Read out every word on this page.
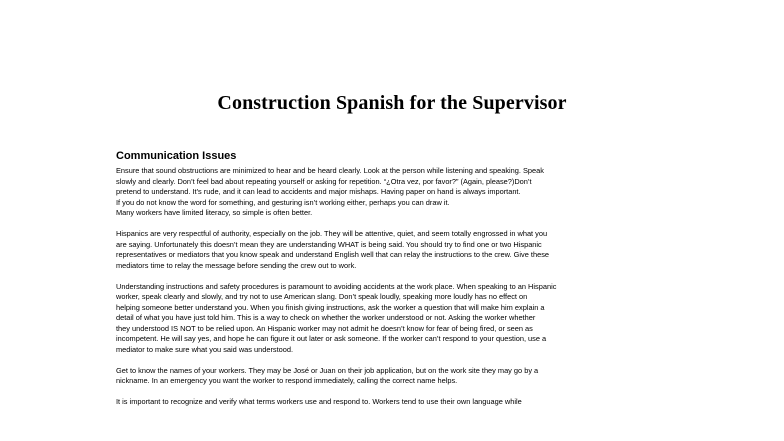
Construction Spanish for the Supervisor
Communication Issues
Ensure that sound obstructions are minimized to hear and be heard clearly. Look at the person while listening and speaking. Speak
slowly and clearly. Don’t feel bad about repeating yourself or asking for repetition. “¿Otra vez, por favor?” (Again, please?)Don’t
pretend to understand. It’s rude, and it can lead to accidents and major mishaps. Having paper on hand is always important.
If you do not know the word for something, and gesturing isn’t working either, perhaps you can draw it.
Many workers have limited literacy, so simple is often better.
Hispanics are very respectful of authority, especially on the job. They will be attentive, quiet, and seem totally engrossed in what you
are saying. Unfortunately this doesn’t mean they are understanding WHAT is being said. You should try to find one or two Hispanic
representatives or mediators that you know speak and understand English well that can relay the instructions to the crew. Give these
mediators time to relay the message before sending the crew out to work.
Understanding instructions and safety procedures is paramount to avoiding accidents at the work place. When speaking to an Hispanic
worker, speak clearly and slowly, and try not to use American slang. Don’t speak loudly, speaking more loudly has no effect on
helping someone better understand you. When you finish giving instructions, ask the worker a question that will make him explain a
detail of what you have just told him. This is a way to check on whether the worker understood or not. Asking the worker whether
they understood IS NOT to be relied upon. An Hispanic worker may not admit he doesn’t know for fear of being fired, or seen as
incompetent. He will say yes, and hope he can figure it out later or ask someone. If the worker can’t respond to your question, use a
mediator to make sure what you said was understood.
Get to know the names of your workers. They may be José or Juan on their job application, but on the work site they may go by a
nickname. In an emergency you want the worker to respond immediately, calling the correct name helps.
It is important to recognize and verify what terms workers use and respond to. Workers tend to use their own language while
